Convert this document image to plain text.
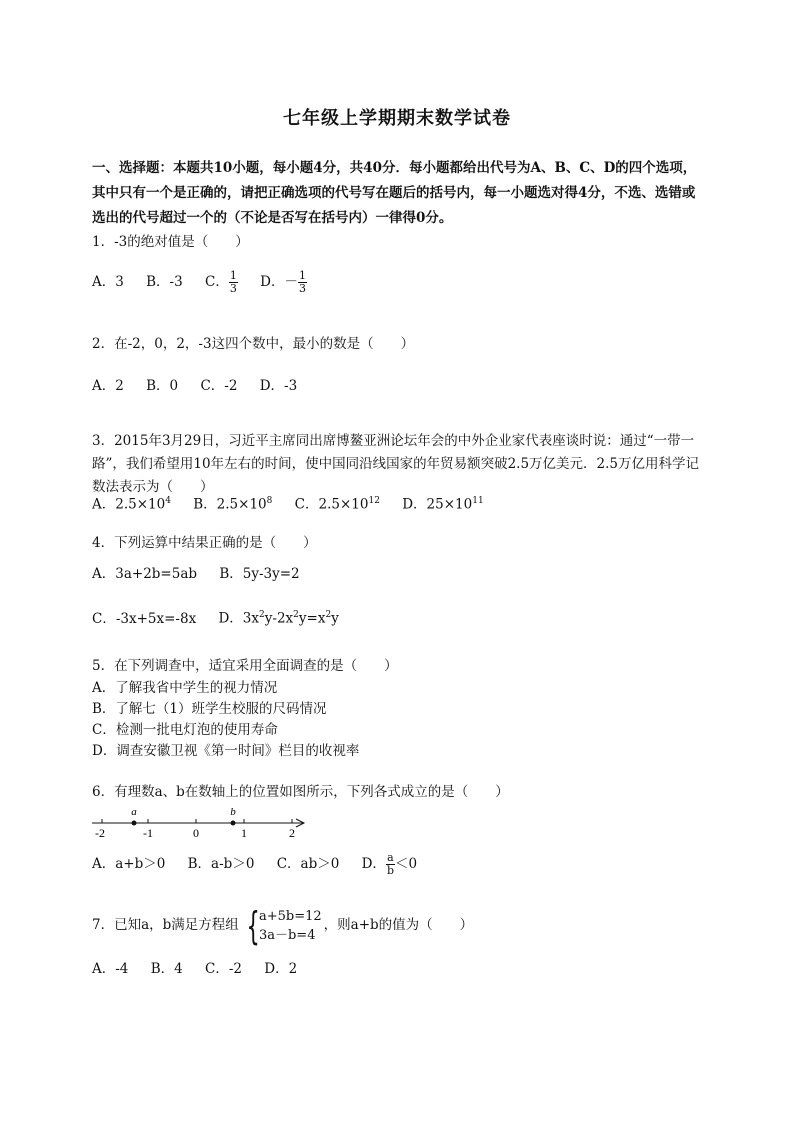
七年级上学期期末数学试卷
一、选择题：本题共10小题，每小题4分，共40分．每小题都给出代号为A、B、C、D的四个选项，其中只有一个是正确的，请把正确选项的代号写在题后的括号内，每一小题选对得4分，不选、选错或选出的代号超过一个的（不论是否写在括号内）一律得0分。
1．-3的绝对值是（　　）
A．3 B．-3 C． $\frac{1}{3}$ D．－ $\frac{1}{3}$
2．在-2，0，2，-3这四个数中，最小的数是（　　）
A．2 B．0 C．-2 D．-3
3．2015年3月29日，习近平主席同出席博鳌亚洲论坛年会的中外企业家代表座谈时说：通过“一带一路”，我们希望用10年左右的时间，使中国同沿线国家的年贸易额突破2.5万亿美元．2.5万亿用科学记数法表示为（　　）
A．$2.5\times 10^4$ B．$2.5\times 10^8$ C．$2.5\times 10^{12}$ D．$25\times 10^{11}$
4．下列运算中结果正确的是（　　）
A．3a+2b=5ab B．5y-3y=2
C．-3x+5x=-8x D．$3x^2y-2x^2y=x^2y$
5．在下列调查中，适宜采用全面调查的是（　　）
A．了解我省中学生的视力情况
B．了解七（1）班学生校服的尺码情况
C．检测一批电灯泡的使用寿命
D．调查安徽卫视《第一时间》栏目的收视率
6．有理数a、b在数轴上的位置如图所示，下列各式成立的是（　　）
a	b
-2	-1	0	1	2
A．a+b＞0 B．a-b＞0 C．ab＞0 D． $\frac{a}{b} <0$
7．已知a，b满足方程组 { a+5b=12
3a－b=4
，则a+b的值为（　　）
A．-4 B．4 C．-2 D．2
